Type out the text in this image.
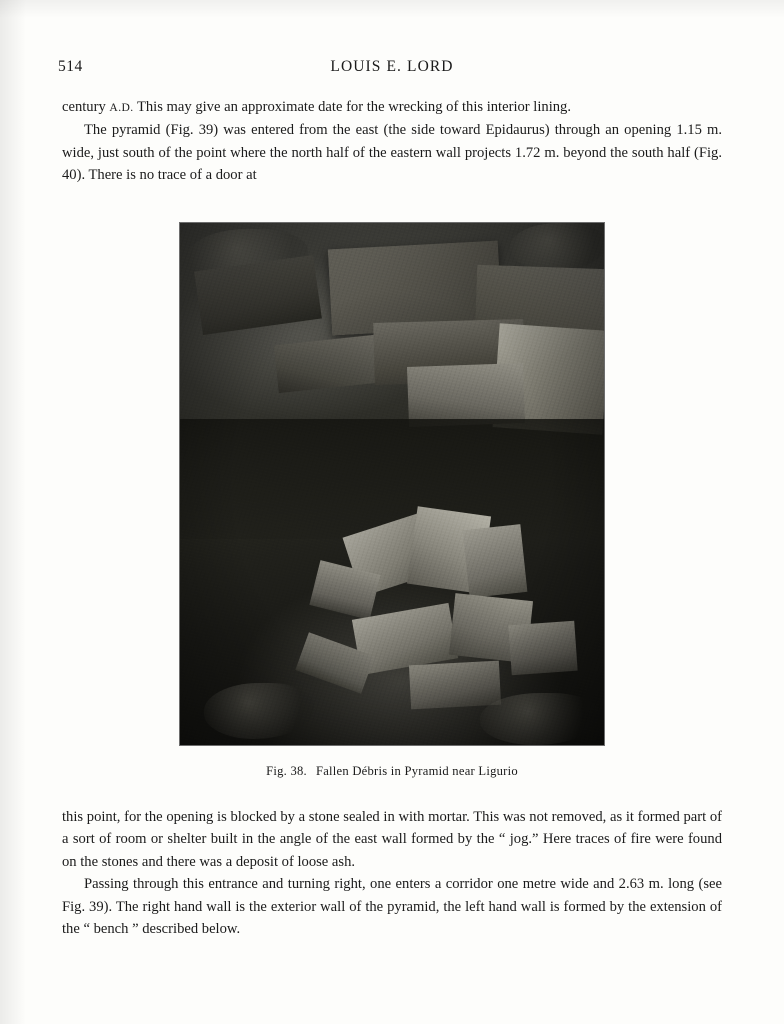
514	LOUIS E. LORD

century A.D. This may give an approximate date for the wrecking of this interior lining.

The pyramid (Fig. 39) was entered from the east (the side toward Epidaurus) through an opening 1.15 m. wide, just south of the point where the north half of the eastern wall projects 1.72 m. beyond the south half (Fig. 40). There is no trace of a door at

Fig. 38. Fallen Débris in Pyramid near Ligurio

this point, for the opening is blocked by a stone sealed in with mortar. This was not removed, as it formed part of a sort of room or shelter built in the angle of the east wall formed by the “ jog.” Here traces of fire were found on the stones and there was a deposit of loose ash.

Passing through this entrance and turning right, one enters a corridor one metre wide and 2.63 m. long (see Fig. 39). The right hand wall is the exterior wall of the pyramid, the left hand wall is formed by the extension of the “ bench ” described below.
